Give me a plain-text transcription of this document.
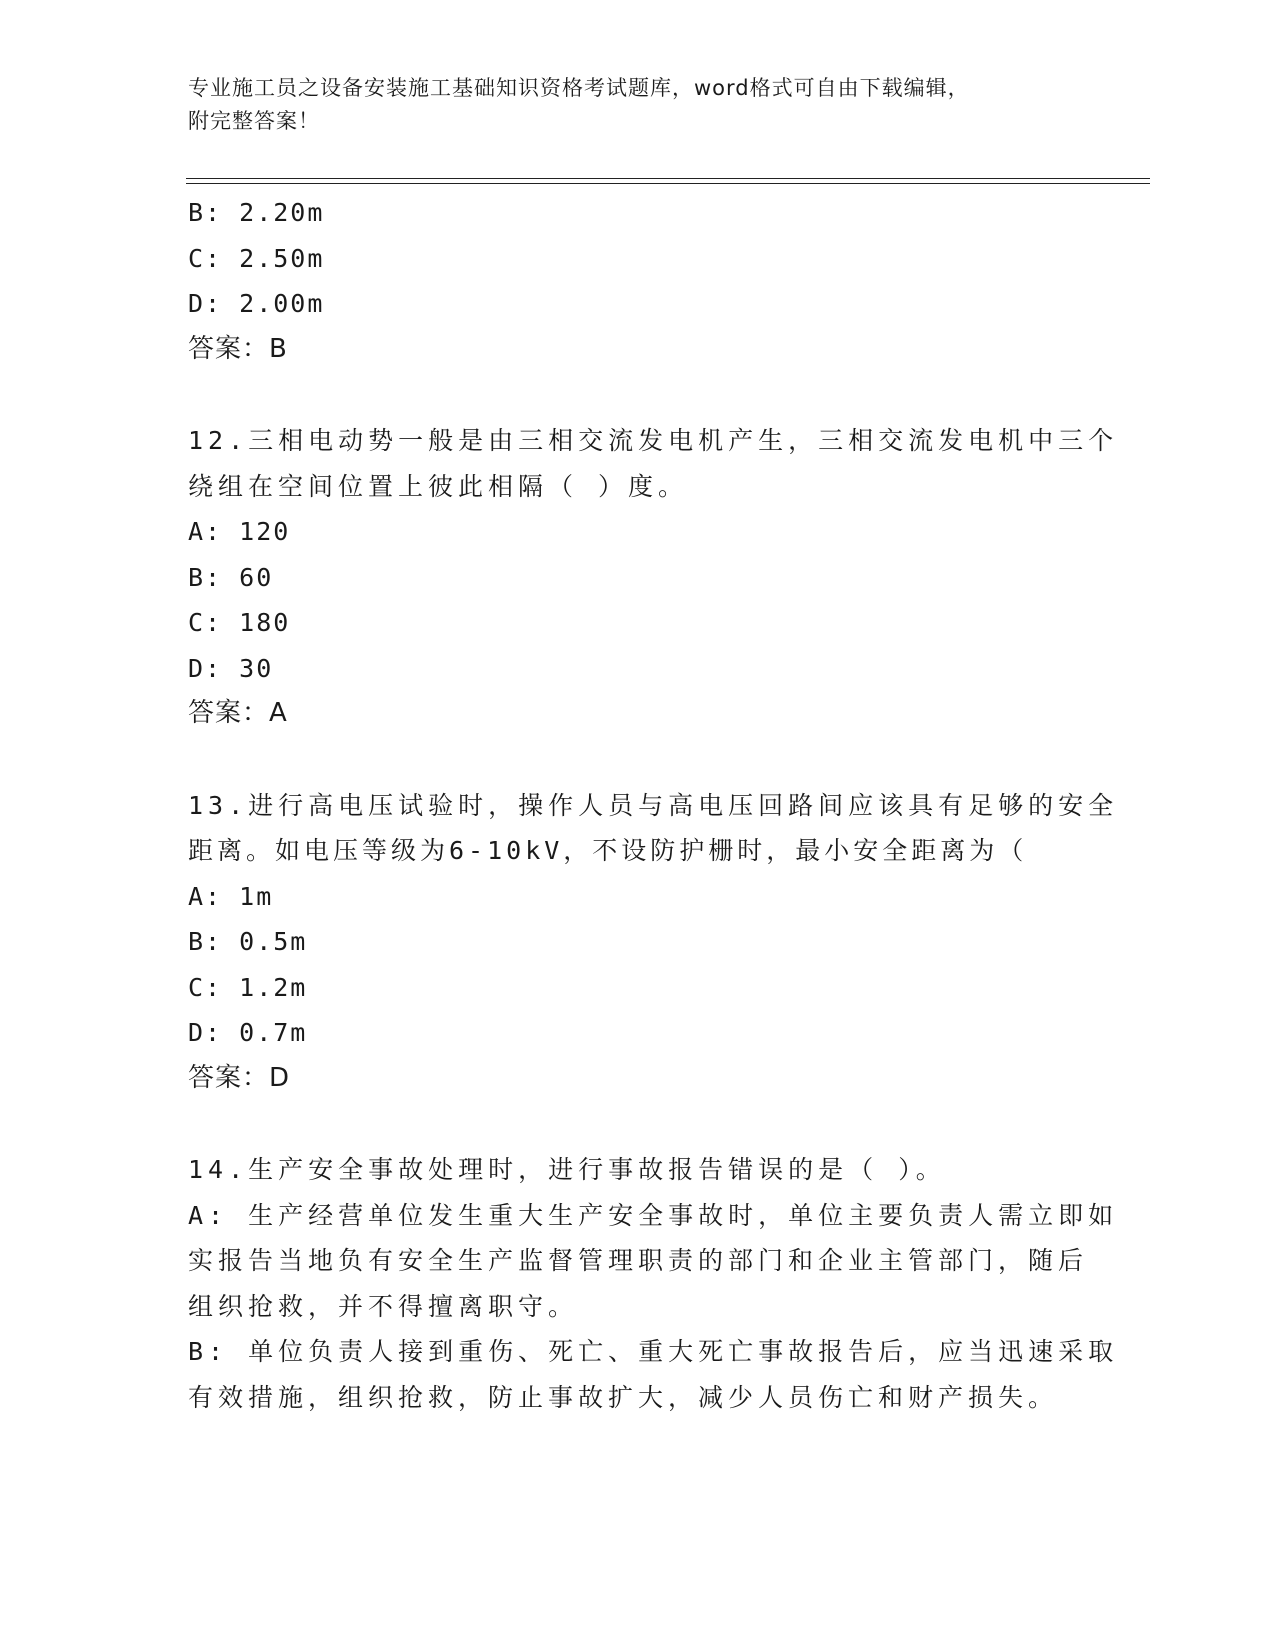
专业施工员之设备安装施工基础知识资格考试题库，word格式可自由下载编辑，
附完整答案！
B: 2.20m
C: 2.50m
D: 2.00m
答案：B
12.三相电动势一般是由三相交流发电机产生，三相交流发电机中三个
绕组在空间位置上彼此相隔（ ）度。
A: 120
B: 60
C: 180
D: 30
答案：A
13.进行高电压试验时，操作人员与高电压回路间应该具有足够的安全
距离。如电压等级为6-10kV，不设防护栅时，最小安全距离为（
A: 1m
B: 0.5m
C: 1.2m
D: 0.7m
答案：D
14.生产安全事故处理时，进行事故报告错误的是（ ）。
A: 生产经营单位发生重大生产安全事故时，单位主要负责人需立即如
实报告当地负有安全生产监督管理职责的部门和企业主管部门，随后
组织抢救，并不得擅离职守。
B: 单位负责人接到重伤、死亡、重大死亡事故报告后，应当迅速采取
有效措施，组织抢救，防止事故扩大，减少人员伤亡和财产损失。
